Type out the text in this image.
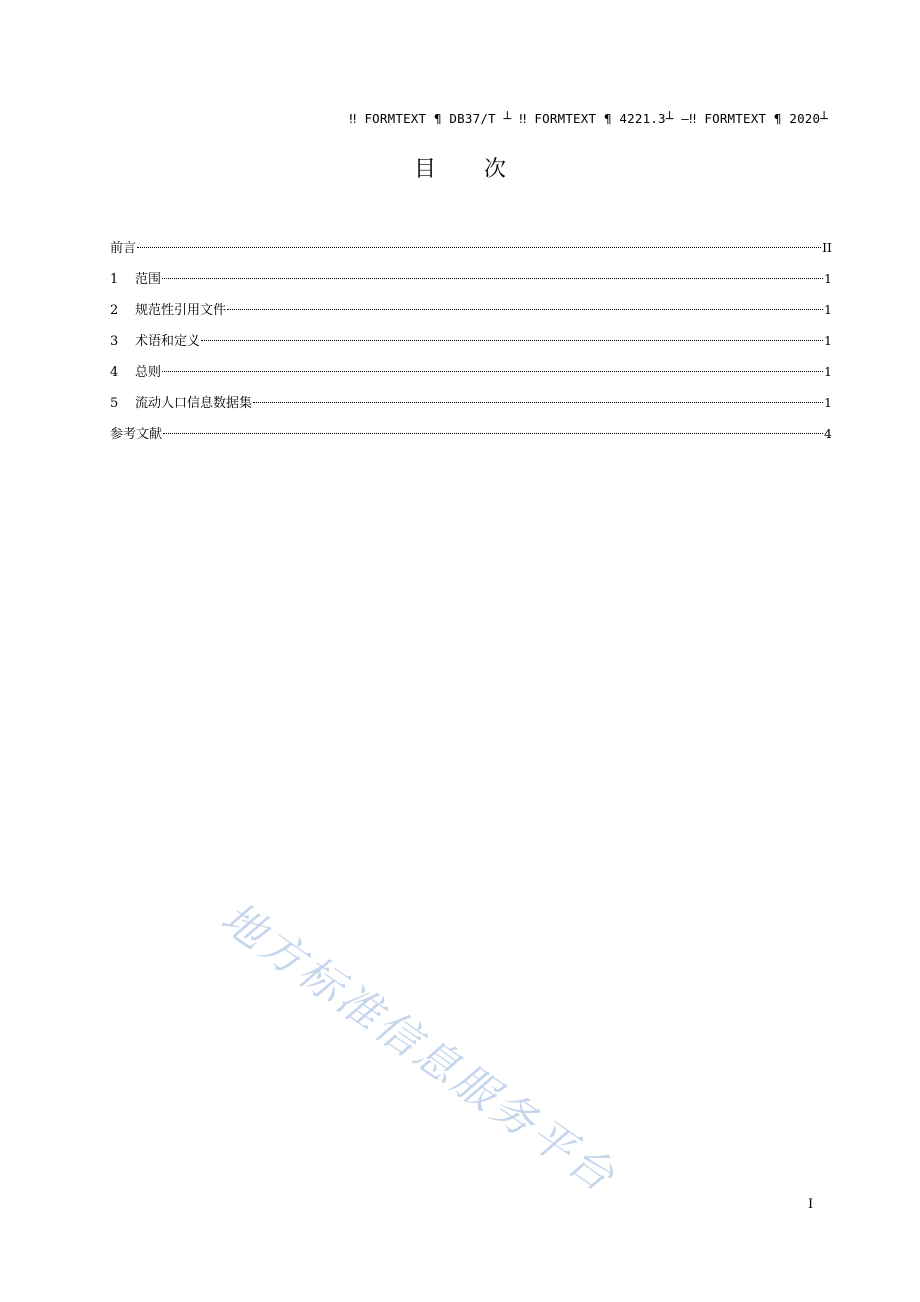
‼ FORMTEXT ¶ DB37/T ┴ ‼ FORMTEXT ¶ 4221.3┴ —‼ FORMTEXT ¶ 2020┴
目 次
前言	II
1	范围	1
2	规范性引用文件	1
3	术语和定义	1
4	总则	1
5	流动人口信息数据集	1
参考文献	4
地方标准信息服务平台
I
